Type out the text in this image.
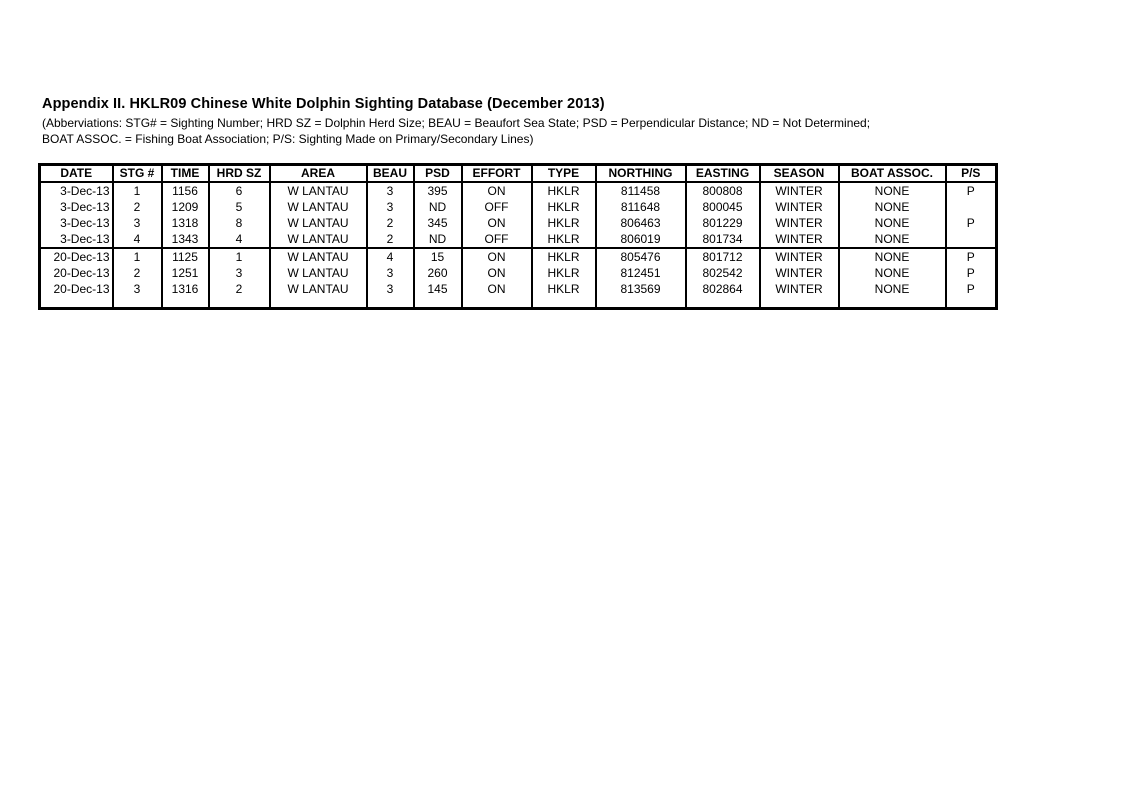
Appendix II. HKLR09 Chinese White Dolphin Sighting Database (December 2013)
(Abberviations: STG# = Sighting Number; HRD SZ = Dolphin Herd Size; BEAU = Beaufort Sea State; PSD = Perpendicular Distance; ND = Not Determined;
BOAT ASSOC. = Fishing Boat Association; P/S: Sighting Made on Primary/Secondary Lines)
DATE	STG #	TIME	HRD SZ	AREA	BEAU	PSD	EFFORT	TYPE	NORTHING	EASTING	SEASON	BOAT ASSOC.	P/S
3-Dec-13	1	1156	6	W LANTAU	3	395	ON	HKLR	811458	800808	WINTER	NONE	P
3-Dec-13	2	1209	5	W LANTAU	3	ND	OFF	HKLR	811648	800045	WINTER	NONE	
3-Dec-13	3	1318	8	W LANTAU	2	345	ON	HKLR	806463	801229	WINTER	NONE	P
3-Dec-13	4	1343	4	W LANTAU	2	ND	OFF	HKLR	806019	801734	WINTER	NONE	
20-Dec-13	1	1125	1	W LANTAU	4	15	ON	HKLR	805476	801712	WINTER	NONE	P
20-Dec-13	2	1251	3	W LANTAU	3	260	ON	HKLR	812451	802542	WINTER	NONE	P
20-Dec-13	3	1316	2	W LANTAU	3	145	ON	HKLR	813569	802864	WINTER	NONE	P
